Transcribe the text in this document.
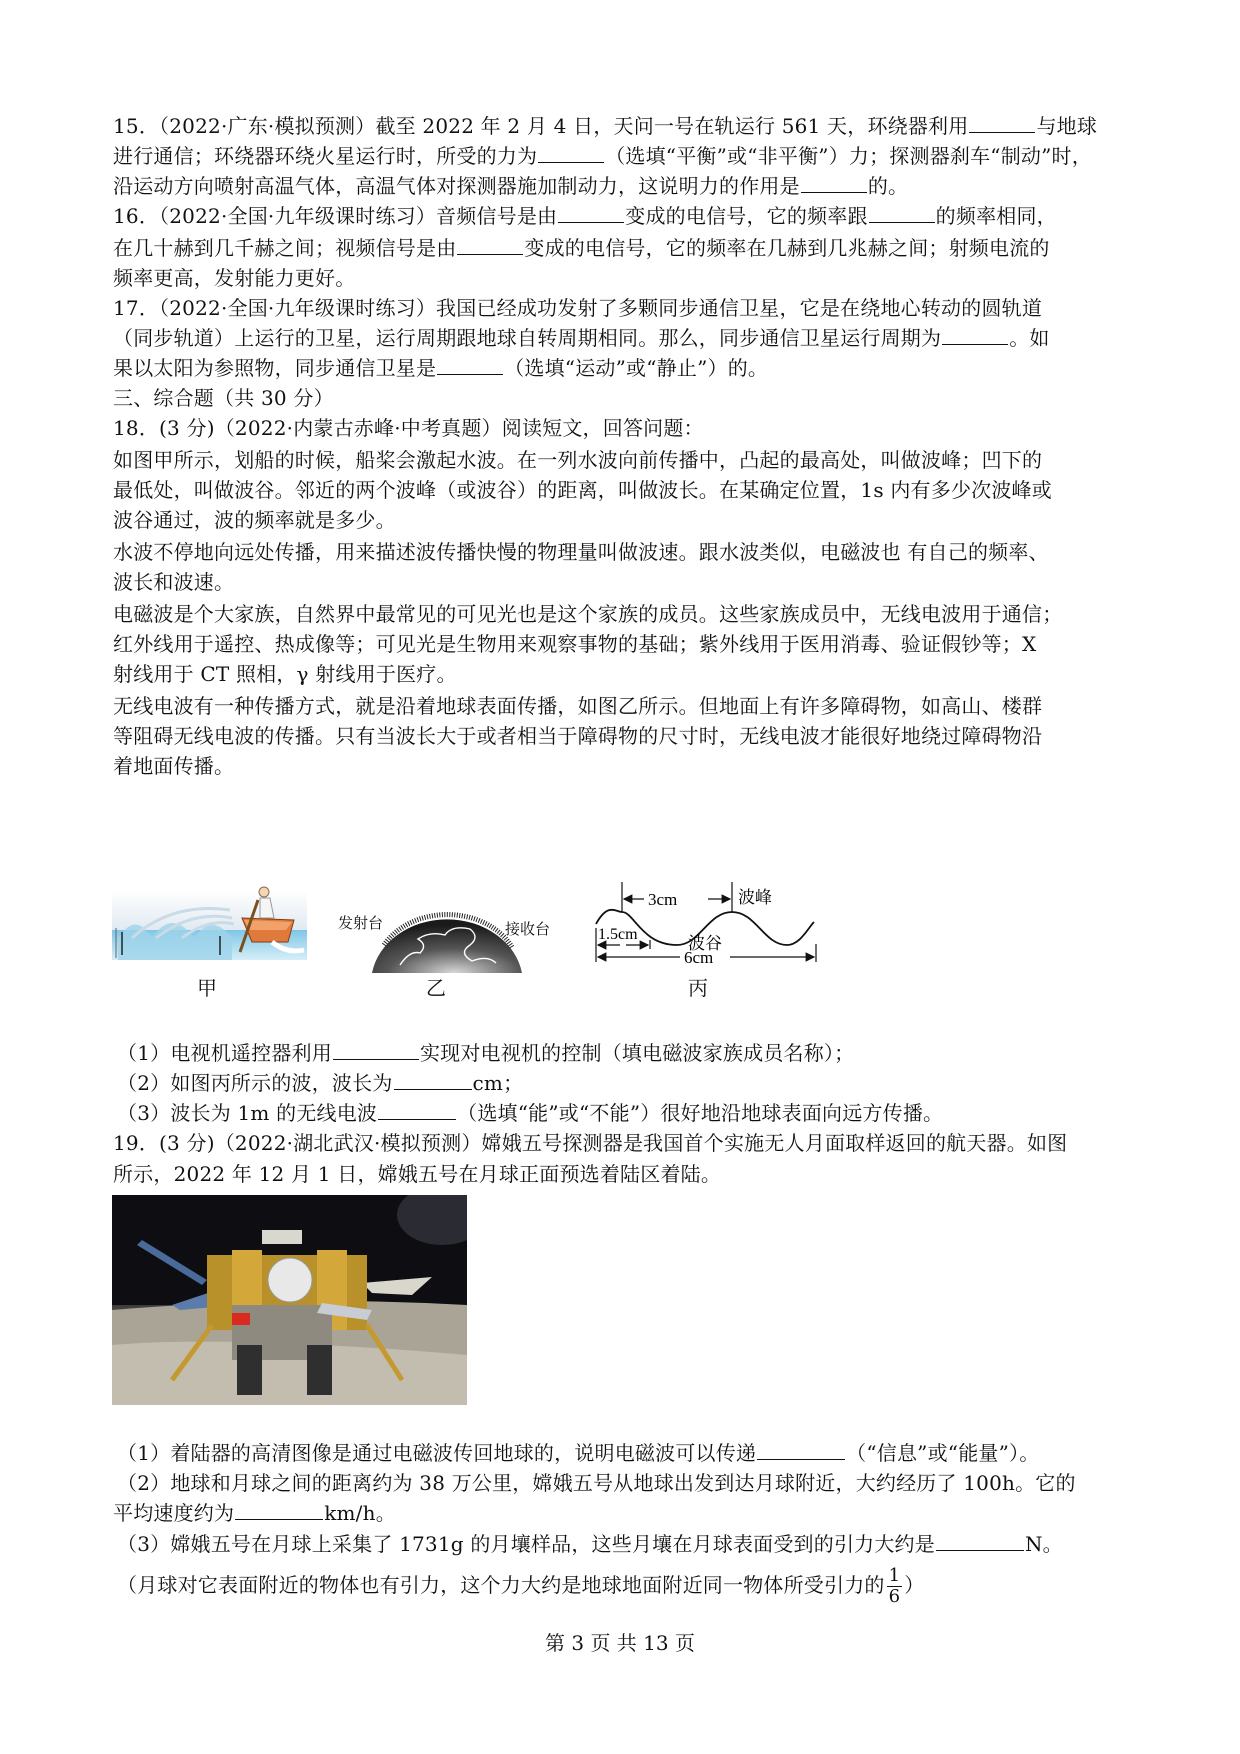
15．（2022·广东·模拟预测）截至 2022 年 2 月 4 日，天问一号在轨运行 561 天，环绕器利用	与地球
进行通信；环绕器环绕火星运行时，所受的力为	（选填“平衡”或“非平衡”）力；探测器刹车“制动”时，
沿运动方向喷射高温气体，高温气体对探测器施加制动力，这说明力的作用是	的。
16．（2022·全国·九年级课时练习）音频信号是由	变成的电信号，它的频率跟	的频率相同，
在几十赫到几千赫之间；视频信号是由	变成的电信号，它的频率在几赫到几兆赫之间；射频电流的
频率更高，发射能力更好。
17．（2022·全国·九年级课时练习）我国已经成功发射了多颗同步通信卫星，它是在绕地心转动的圆轨道
（同步轨道）上运行的卫星，运行周期跟地球自转周期相同。那么，同步通信卫星运行周期为	。如
果以太阳为参照物，同步通信卫星是	（选填“运动”或“静止”）的。
三、综合题（共 30 分）
18．(3 分)（2022·内蒙古赤峰·中考真题）阅读短文，回答问题：
如图甲所示，划船的时候，船桨会激起水波。在一列水波向前传播中，凸起的最高处，叫做波峰；凹下的
最低处，叫做波谷。邻近的两个波峰（或波谷）的距离，叫做波长。在某确定位置，1s 内有多少次波峰或
波谷通过，波的频率就是多少。
水波不停地向远处传播，用来描述波传播快慢的物理量叫做波速。跟水波类似，电磁波也 有自己的频率、
波长和波速。
电磁波是个大家族，自然界中最常见的可见光也是这个家族的成员。这些家族成员中，无线电波用于通信；
红外线用于遥控、热成像等；可见光是生物用来观察事物的基础；紫外线用于医用消毒、验证假钞等；X
射线用于 CT 照相，γ 射线用于医疗。
无线电波有一种传播方式，就是沿着地球表面传播，如图乙所示。但地面上有许多障碍物，如高山、楼群
等阻碍无线电波的传播。只有当波长大于或者相当于障碍物的尺寸时，无线电波才能很好地绕过障碍物沿
着地面传播。
甲
发射台	接收台
乙
3cm	波峰
1.5cm	波谷
6cm
丙
（1）电视机遥控器利用	实现对电视机的控制（填电磁波家族成员名称）；
（2）如图丙所示的波，波长为	cm；
（3）波长为 1m 的无线电波	（选填“能”或“不能”）很好地沿地球表面向远方传播。
19．(3 分)（2022·湖北武汉·模拟预测）嫦娥五号探测器是我国首个实施无人月面取样返回的航天器。如图
所示，2022 年 12 月 1 日，嫦娥五号在月球正面预选着陆区着陆。
（1）着陆器的高清图像是通过电磁波传回地球的，说明电磁波可以传递	（“信息”或“能量”）。
（2）地球和月球之间的距离约为 38 万公里，嫦娥五号从地球出发到达月球附近，大约经历了 100h。它的
平均速度约为	km/h。
（3）嫦娥五号在月球上采集了 1731g 的月壤样品，这些月壤在月球表面受到的引力大约是	N。
（月球对它表面附近的物体也有引力，这个力大约是地球地面附近同一物体所受引力的 $\frac{1}{6}$ ）
第 3 页 共 13 页
